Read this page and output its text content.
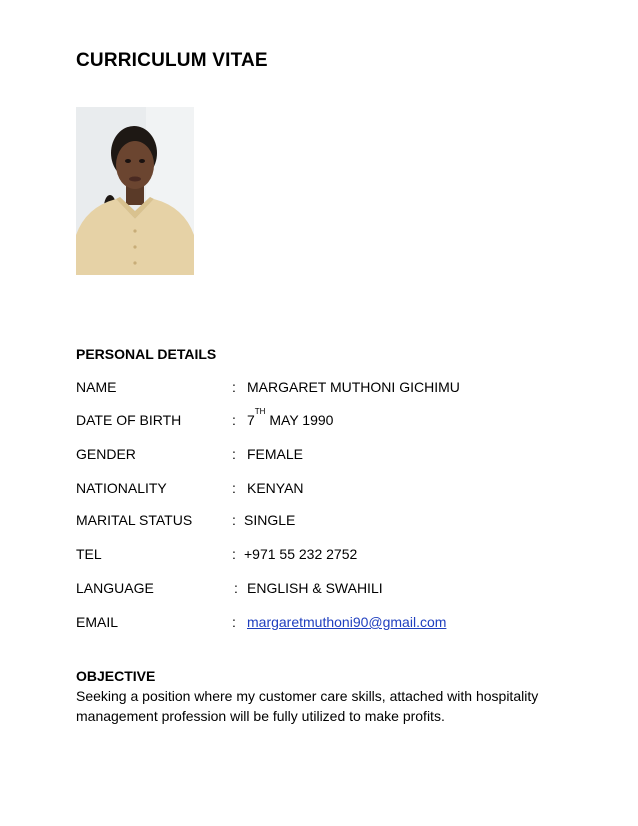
CURRICULUM VITAE
PERSONAL DETAILS
NAME	: MARGARET MUTHONI GICHIMU
DATE OF BIRTH	: 7TH MAY 1990
GENDER	: FEMALE
NATIONALITY	: KENYAN
MARITAL STATUS	: SINGLE
TEL	: +971 55 232 2752
LANGUAGE	: ENGLISH & SWAHILI
EMAIL	: margaretmuthoni90@gmail.com
OBJECTIVE

Seeking a position where my customer care skills, attached with hospitality management profession will be fully utilized to make profits.
